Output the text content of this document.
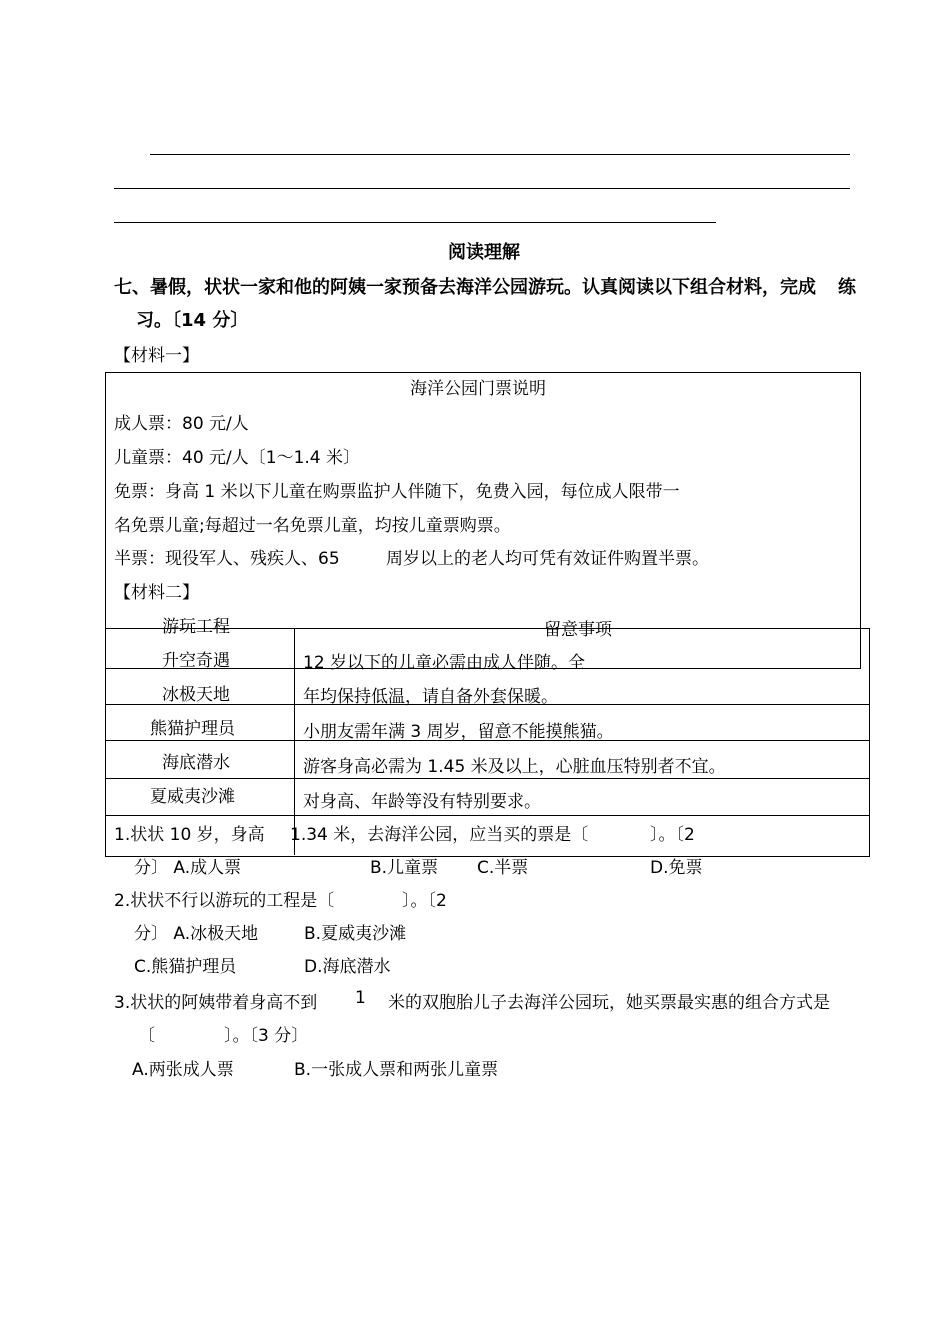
阅读理解
七、暑假，状状一家和他的阿姨一家预备去海洋公园游玩。认真阅读以下组合材料，完成 练
习。〔14 分〕
【材料一】
海洋公园门票说明
成人票：80 元/人
儿童票：40 元/人〔1～1.4 米〕
免票：身高 1 米以下儿童在购票监护人伴随下，免费入园，每位成人限带一
名免票儿童;每超过一名免票儿童，均按儿童票购票。
半票：现役军人、残疾人、65	周岁以上的老人均可凭有效证件购置半票。
【材料二】
游玩工程	留意事项
升空奇遇	12 岁以下的儿童必需由成人伴随。全
冰极天地	年均保持低温，请自备外套保暖。
熊猫护理员	小朋友需年满 3 周岁，留意不能摸熊猫。
海底潜水	游客身高必需为 1.45 米及以上，心脏血压特别者不宜。
夏威夷沙滩	对身高、年龄等没有特别要求。
1.状状 10 岁，身高 1.34 米，去海洋公园，应当买的票是〔	〕。〔2
分〕 A.成人票	B.儿童票 C.半票	D.免票
2.状状不行以游玩的工程是〔	〕。〔2
分〕 A.冰极天地	B.夏威夷沙滩
C.熊猫护理员	D.海底潜水
3.状状的阿姨带着身高不到 1 米的双胞胎儿子去海洋公园玩，她买票最实惠的组合方式是
〔	〕。〔3 分〕
A.两张成人票	B.一张成人票和两张儿童票
